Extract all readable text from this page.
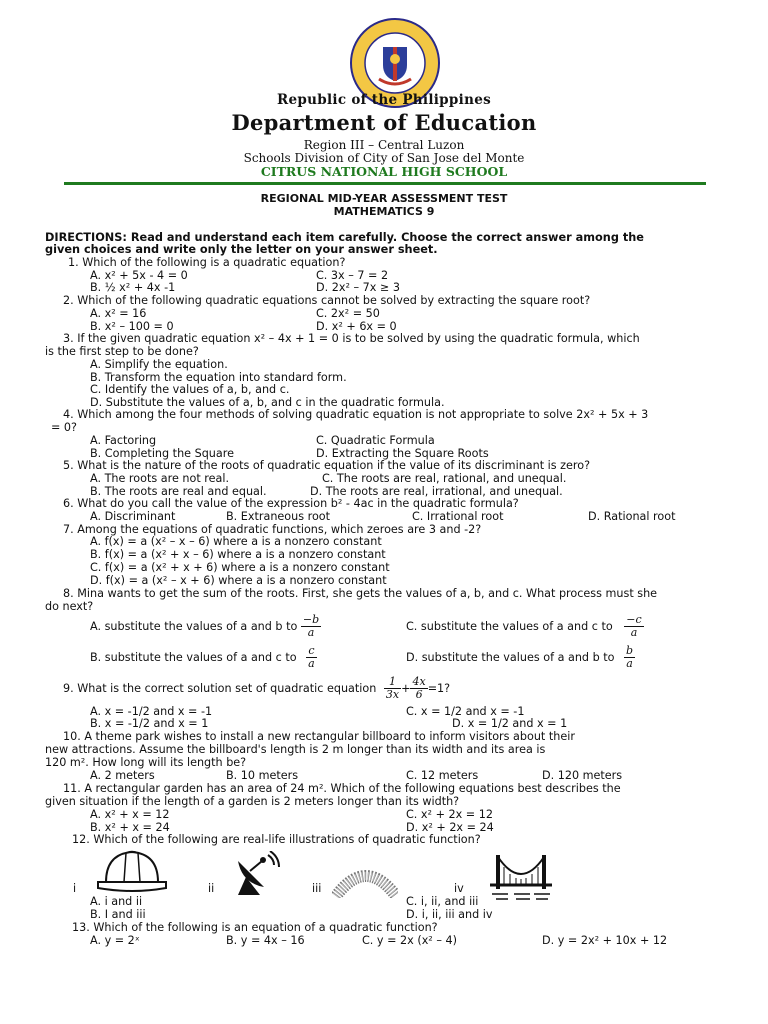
Republic of the Philippines
Department of Education
Region III – Central Luzon
Schools Division of City of San Jose del Monte
CITRUS NATIONAL HIGH SCHOOL
REGIONAL MID-YEAR ASSESSMENT TEST
MATHEMATICS 9
DIRECTIONS: Read and understand each item carefully. Choose the correct answer among the
given choices and write only the letter on your answer sheet.
1. Which of the following is a quadratic equation?
A. x² + 5x - 4 = 0	C. 3x – 7 = 2
B. ½ x² + 4x -1	D. 2x² – 7x ≥ 3
2. Which of the following quadratic equations cannot be solved by extracting the square root?
A. x² = 16	C. 2x² = 50
B. x² – 100 = 0	D. x² + 6x = 0
3. If the given quadratic equation x² – 4x + 1 = 0 is to be solved by using the quadratic formula, which
is the first step to be done?
A. Simplify the equation.
B. Transform the equation into standard form.
C. Identify the values of a, b, and c.
D. Substitute the values of a, b, and c in the quadratic formula.
4. Which among the four methods of solving quadratic equation is not appropriate to solve 2x² + 5x + 3
= 0?
A. Factoring	C. Quadratic Formula
B. Completing the Square	D. Extracting the Square Roots
5. What is the nature of the roots of quadratic equation if the value of its discriminant is zero?
A. The roots are not real.	C. The roots are real, rational, and unequal.
B. The roots are real and equal.	D. The roots are real, irrational, and unequal.
6. What do you call the value of the expression b² - 4ac in the quadratic formula?
A. Discriminant	B. Extraneous root	C. Irrational root	D. Rational root
7. Among the equations of quadratic functions, which zeroes are 3 and -2?
A. f(x) = a (x² – x – 6) where a is a nonzero constant
B. f(x) = a (x² + x – 6) where a is a nonzero constant
C. f(x) = a (x² + x + 6) where a is a nonzero constant
D. f(x) = a (x² – x + 6) where a is a nonzero constant
8. Mina wants to get the sum of the roots. First, she gets the values of a, b, and c. What process must she
do next?
A. substitute the values of a and b to $\frac{-b}{a}$	C. substitute the values of a and c to $\frac{-c}{a}$
B. substitute the values of a and c to $\frac{c}{a}$	D. substitute the values of a and b to $\frac{b}{a}$
9. What is the correct solution set of quadratic equation $\frac{1}{3x} + \frac{4x}{6} =1$?
A. x = -1/2 and x = -1	C. x = 1/2 and x = -1
B. x = -1/2 and x = 1	D. x = 1/2 and x = 1
10. A theme park wishes to install a new rectangular billboard to inform visitors about their
new attractions. Assume the billboard's length is 2 m longer than its width and its area is
120 m². How long will its length be?
A. 2 meters	B. 10 meters	C. 12 meters	D. 120 meters
11. A rectangular garden has an area of 24 m². Which of the following equations best describes the
given situation if the length of a garden is 2 meters longer than its width?
A. x² + x = 12	C. x² + 2x = 12
B. x² + x = 24	D. x² + 2x = 24
12. Which of the following are real-life illustrations of quadratic function?
i	ii	iii	iv
A. i and ii	C. i, ii, and iii
B. I and iii	D. i, ii, iii and iv
13. Which of the following is an equation of a quadratic function?
A. y = 2ˣ	B. y = 4x – 16	C. y = 2x (x² – 4)	D. y = 2x² + 10x + 12
